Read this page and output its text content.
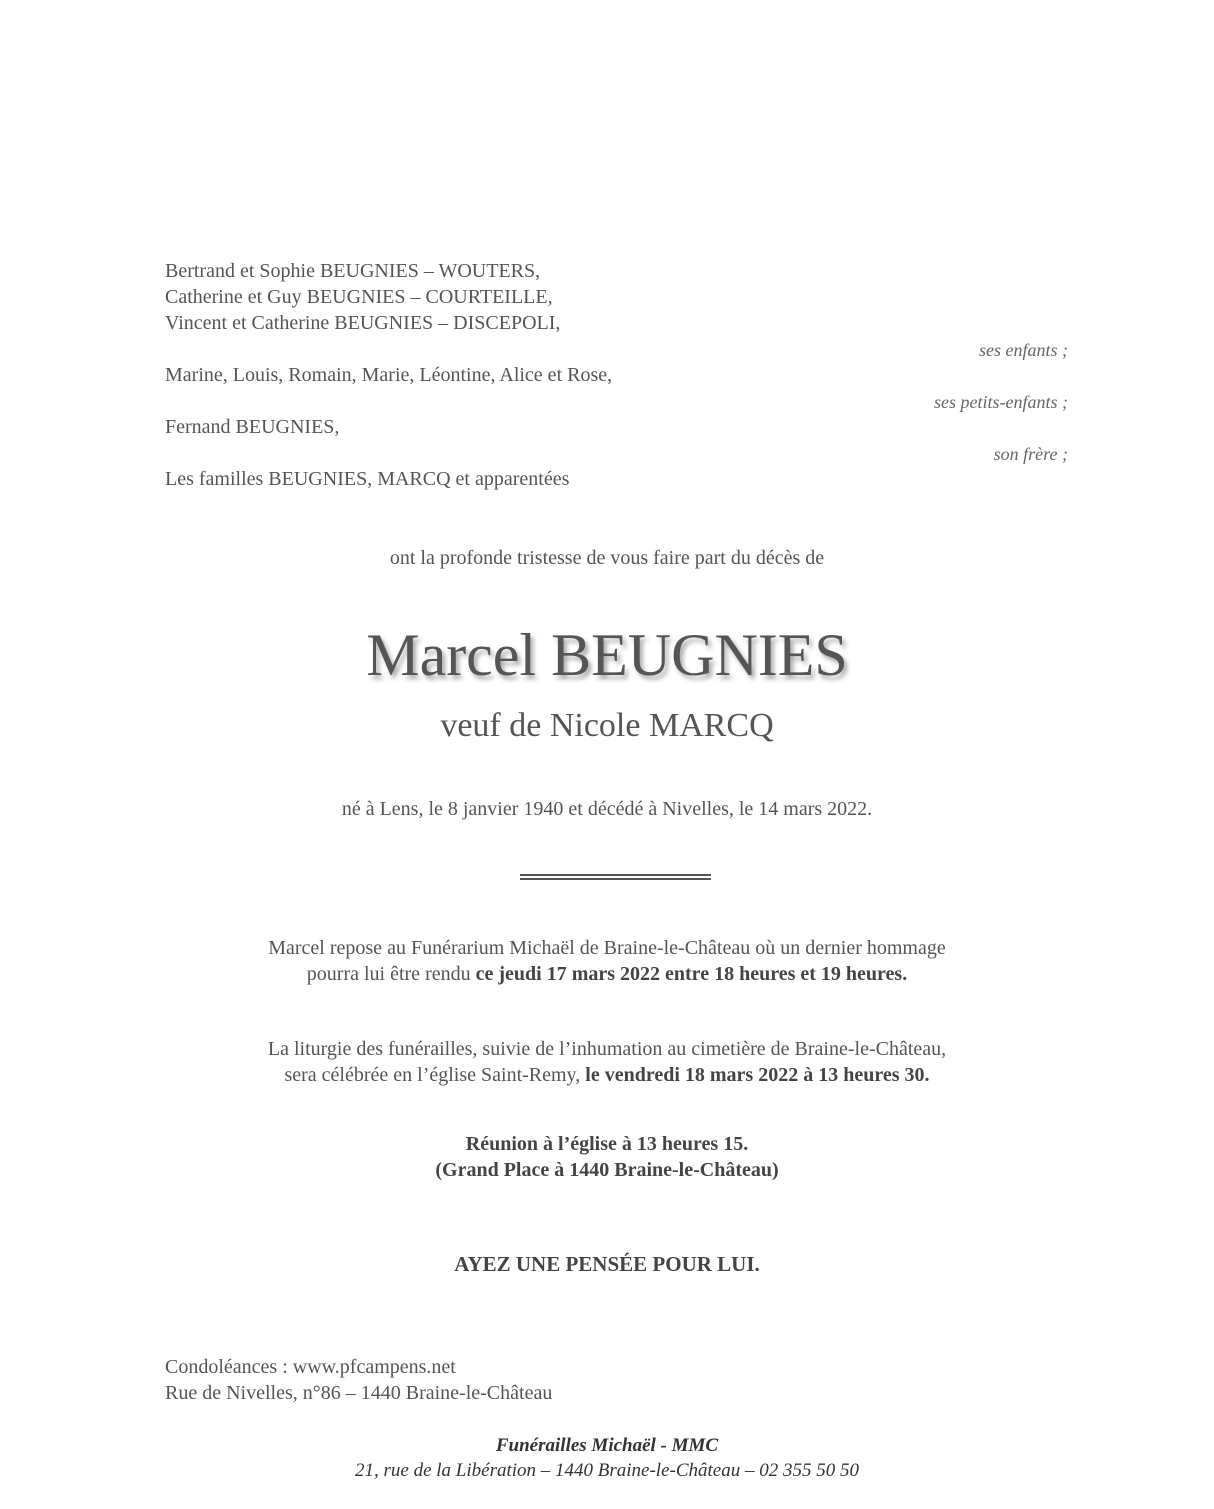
Bertrand et Sophie BEUGNIES – WOUTERS,
Catherine et Guy BEUGNIES – COURTEILLE,
Vincent et Catherine BEUGNIES – DISCEPOLI,
ses enfants ;
Marine, Louis, Romain, Marie, Léontine, Alice et Rose,
ses petits-enfants ;
Fernand BEUGNIES,
son frère ;
Les familles BEUGNIES, MARCQ et apparentées
ont la profonde tristesse de vous faire part du décès de
Marcel BEUGNIES
veuf de Nicole MARCQ
né à Lens, le 8 janvier 1940 et décédé à Nivelles, le 14 mars 2022.
Marcel repose au Funérarium Michaël de Braine-le-Château où un dernier hommage
pourra lui être rendu ce jeudi 17 mars 2022 entre 18 heures et 19 heures.
La liturgie des funérailles, suivie de l’inhumation au cimetière de Braine-le-Château,
sera célébrée en l’église Saint-Remy, le vendredi 18 mars 2022 à 13 heures 30.
Réunion à l’église à 13 heures 15.
(Grand Place à 1440 Braine-le-Château)
AYEZ UNE PENSÉE POUR LUI.
Condoléances : www.pfcampens.net
Rue de Nivelles, n°86 – 1440 Braine-le-Château
Funérailles Michaël - MMC
21, rue de la Libération – 1440 Braine-le-Château – 02 355 50 50
